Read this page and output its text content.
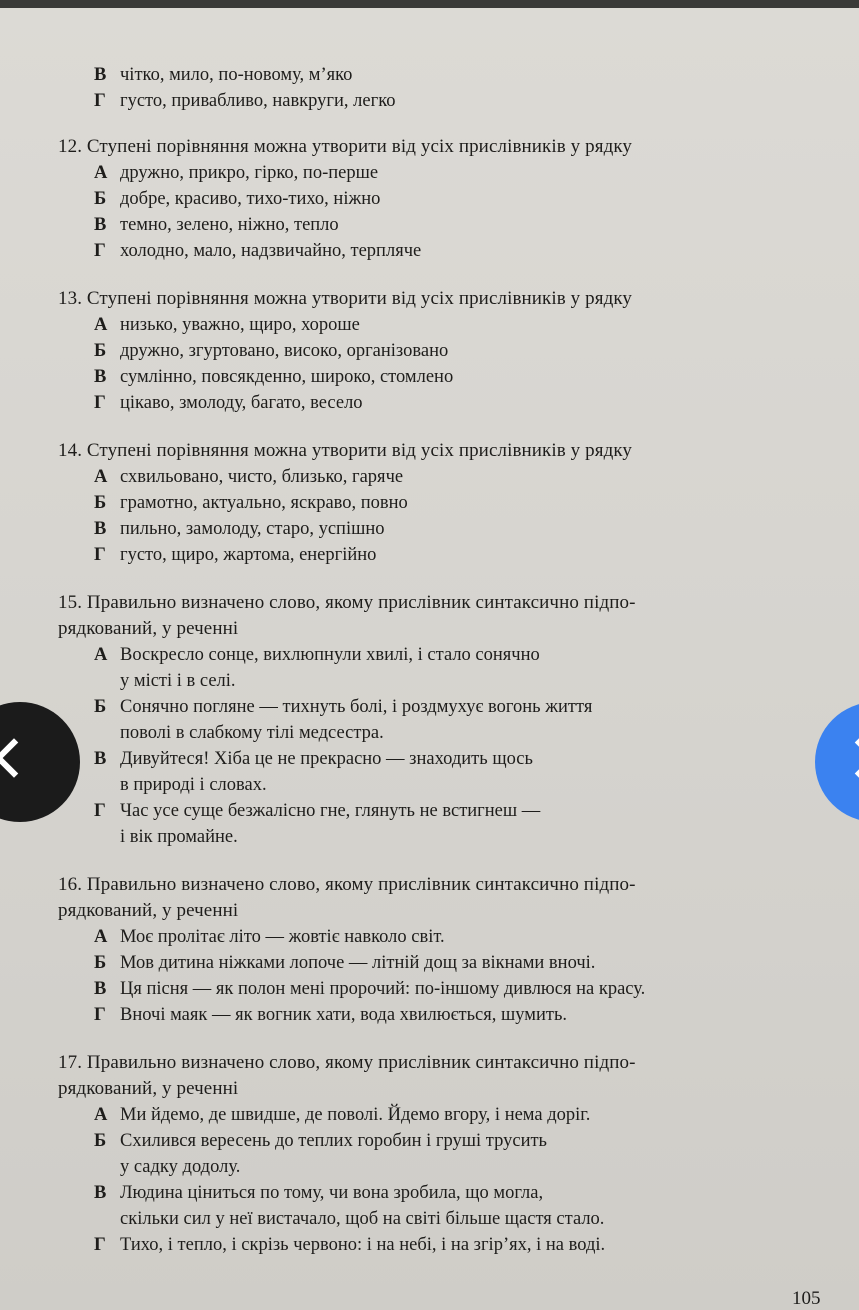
В чітко, мило, по-новому, м’яко
Г густо, привабливо, навкруги, легко
12. Ступені порівняння можна утворити від усіх прислівників у рядку
А дружно, прикро, гірко, по-перше
Б добре, красиво, тихо-тихо, ніжно
В темно, зелено, ніжно, тепло
Г холодно, мало, надзвичайно, терпляче
13. Ступені порівняння можна утворити від усіх прислівників у рядку
А низько, уважно, щиро, хороше
Б дружно, згуртовано, високо, організовано
В сумлінно, повсякденно, широко, стомлено
Г цікаво, змолоду, багато, весело
14. Ступені порівняння можна утворити від усіх прислівників у рядку
А схвильовано, чисто, близько, гаряче
Б грамотно, актуально, яскраво, повно
В пильно, замолоду, старо, успішно
Г густо, щиро, жартома, енергійно
15. Правильно визначено слово, якому прислівник синтаксично підпо-
рядкований, у реченні
А Воскресло сонце, вихлюпнули хвилі, і стало сонячно
у місті і в селі.
Б Сонячно погляне — тихнуть болі, і роздмухує вогонь життя
поволі в слабкому тілі медсестра.
В Дивуйтеся! Хіба це не прекрасно — знаходить щось
в природі і словах.
Г Час усе суще безжалісно гне, глянуть не встигнеш —
і вік промайне.
16. Правильно визначено слово, якому прислівник синтаксично підпо-
рядкований, у реченні
А Моє пролітає літо — жовтіє навколо світ.
Б Мов дитина ніжками лопоче — літній дощ за вікнами вночі.
В Ця пісня — як полон мені пророчий: по-іншому дивлюся на красу.
Г Вночі маяк — як вогник хати, вода хвилюється, шумить.
17. Правильно визначено слово, якому прислівник синтаксично підпо-
рядкований, у реченні
А Ми йдемо, де швидше, де поволі. Йдемо вгору, і нема доріг.
Б Схилився вересень до теплих горобин і груші трусить
у садку додолу.
В Людина ціниться по тому, чи вона зробила, що могла,
скільки сил у неї вистачало, щоб на світі більше щастя стало.
Г Тихо, і тепло, і скрізь червоно: і на небі, і на згір’ях, і на воді.
105
